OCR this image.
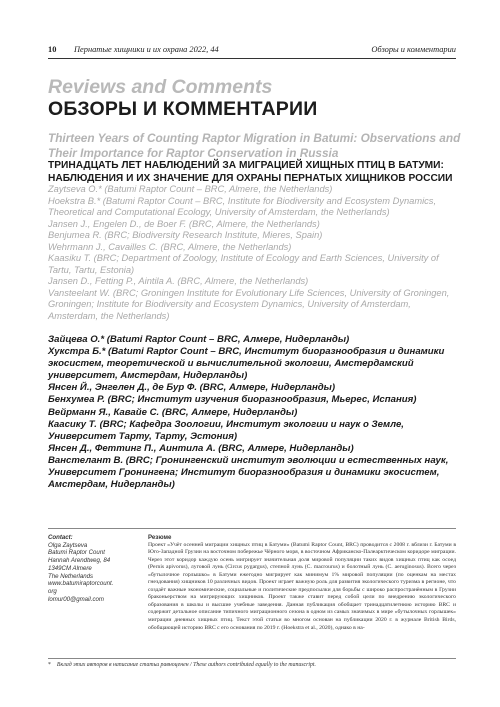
10 Пернатые хищники и их охрана 2022, 44	Обзоры и комментарии
Reviews and Comments
ОБЗОРЫ И КОММЕНТАРИИ
Thirteen Years of Counting Raptor Migration in Batumi: Observations and Their Importance for Raptor Conservation in Russia
ТРИНАДЦАТЬ ЛЕТ НАБЛЮДЕНИЙ ЗА МИГРАЦИЕЙ ХИЩНЫХ ПТИЦ В БАТУМИ: НАБЛЮДЕНИЯ И ИХ ЗНАЧЕНИЕ ДЛЯ ОХРАНЫ ПЕРНАТЫХ ХИЩНИКОВ РОССИИ
Zaytseva O.* (Batumi Raptor Count – BRC, Almere, the Netherlands)
Hoekstra B.* (Batumi Raptor Count – BRC, Institute for Biodiversity and Ecosystem Dynamics, Theoretical and Computational Ecology, University of Amsterdam, the Netherlands)
Jansen J., Engelen D., de Boer F. (BRC, Almere, the Netherlands)
Benjumea R. (BRC; Biodiversity Research Institute, Mieres, Spain)
Wehrmann J., Cavailles C. (BRC, Almere, the Netherlands)
Kaasiku T. (BRC; Department of Zoology, Institute of Ecology and Earth Sciences, University of Tartu, Tartu, Estonia)
Jansen D., Fetting P., Aintila A. (BRC, Almere, the Netherlands)
Vansteelant W. (BRC; Groningen Institute for Evolutionary Life Sciences, University of Groningen, Groningen; Institute for Biodiversity and Ecosystem Dynamics, University of Amsterdam, Amsterdam, the Netherlands)
Зайцева О.* (Batumi Raptor Count – BRC, Алмере, Нидерланды)
Хукстра Б.* (Batumi Raptor Count – BRC, Институт биоразнообразия и динамики экосистем, теоретической и вычислительной экологии, Амстердамский университет, Амстердам, Нидерланды)
Янсен Й., Энгелен Д., де Бур Ф. (BRC, Алмере, Нидерланды)
Бенхумеа Р. (BRC; Институт изучения биоразнообразия, Мьерес, Испания)
Вейрманн Я., Кавайе С. (BRC, Алмере, Нидерланды)
Каасику Т. (BRC; Кафедра Зоологии, Институт экологии и наук о Земле, Университет Тарту, Тарту, Эстония)
Янсен Д., Феттинг П., Аинтила А. (BRC, Алмере, Нидерланды)
Ванстелант В. (BRC; Гронингенский институт эволюции и естественных наук, Университет Гронингена; Институт биоразнообразия и динамики экосистем, Амстердам, Нидерланды)
Contact:
Olga Zaytseva
Batumi Raptor Count
Hannah Arendtweg, 84
1349CM Almere
The Netherlands
www.batumiraptorcount.
org
lomur00@gmail.com
Резюме
Проект «Учёт осенней миграции хищных птиц в Батуми» (Batumi Raptor Count, BRC) проводится с 2008 г. вблизи г. Батуми в Юго-Западной Грузии на восточном побережье Чёрного моря, в восточном Африканско-Палеарктическом коридоре миграции. Через этот коридор каждую осень мигрирует значительная доля мировой популяции таких видов хищных птиц как осоед (Pernis apivorus), луговой лунь (Circus pygargus), степной лунь (C. macrourus) и болотный лунь (C. aeruginosus). Всего через «бутылочное горлышко» в Батуми ежегодно мигрирует как минимум 1% мировой популяции (по оценкам на местах гнездования) хищников 10 различных видов. Проект играет важную роль для развития экологического туризма в регионе, что создаёт важные экономические, социальные и политические предпосылки для борьбы с широко распространённым в Грузии браконьерством на мигрирующих хищников. Проект также ставит перед собой цели по внедрению экологического образования в школы и высшие учебные заведения. Данная публикация обобщает тринадцатилетнюю историю BRC и содержит детальное описание типичного миграционного сезона в одном из самых значимых в мире «бутылочных горлышек» миграции дневных хищных птиц. Текст этой статьи во многом основан на публикации 2020 г. в журнале British Birds, обобщающей историю BRC с его основания по 2019 г. (Hoekstra et al., 2020), однако в на-
* Вклад этих авторов в написание статьи равноценен / These authors contributed equally to the manuscript.
